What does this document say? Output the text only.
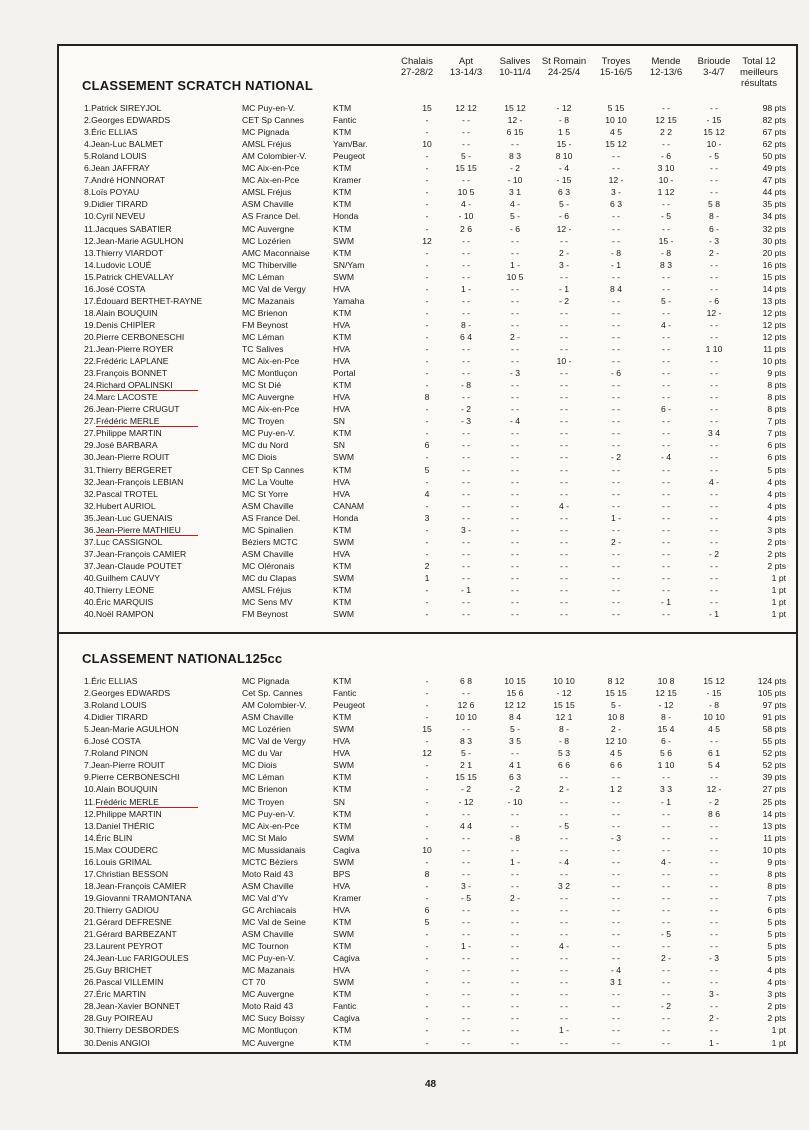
CLASSEMENT SCRATCH NATIONAL
CLASSEMENT NATIONAL125cc
Chalais
27-28/2
Apt
13-14/3
Salives
10-11/4
St Romain
24-25/4
Troyes
15-16/5
Mende
12-13/6
Brioude
3-4/7
Total 12
meilleurs
résultats
1.Patrick SIREYJOL	MC Puy-en-V.	KTM	15	12 12	15 12	- 12	5 15	- -	- -	98 pts
2.Georges EDWARDS	CET Sp Cannes	Fantic	-	- -	12 -	- 8	10 10	12 15	- 15	82 pts
3.Éric ELLIAS	MC Pignada	KTM	-	- -	6 15	1 5	4 5	2 2	15 12	67 pts
4.Jean-Luc BALMET	AMSL Fréjus	Yam/Bar.	10	- -	- -	15 -	15 12	- -	10 -	62 pts
5.Roland LOUIS	AM Colombier-V.	Peugeot	-	5 -	8 3	8 10	- -	- 6	- 5	50 pts
6.Jean JAFFRAY	MC Aix-en-Pce	KTM	-	15 15	- 2	- 4	- -	3 10	- -	49 pts
7.André HONNORAT	MC Aix-en-Pce	Kramer	-	- -	- 10	- 15	12 -	10 -	- -	47 pts
8.Loïs POYAU	AMSL Fréjus	KTM	-	10 5	3 1	6 3	3 -	1 12	- -	44 pts
9.Didier TIRARD	ASM Chaville	KTM	-	4 -	4 -	5 -	6 3	- -	5 8	35 pts
10.Cyril NEVEU	AS France Del.	Honda	-	- 10	5 -	- 6	- -	- 5	8 -	34 pts
11.Jacques SABATIER	MC Auvergne	KTM	-	2 6	- 6	12 -	- -	- -	6 -	32 pts
12.Jean-Marie AGULHON	MC Lozérien	SWM	12	- -	- -	- -	- -	15 -	- 3	30 pts
13.Thierry VIARDOT	AMC Maconnaise	KTM	-	- -	- -	2 -	- 8	- 8	2 -	20 pts
14.Ludovic LOUÉ	MC Thiberville	SN/Yam	-	- -	1 -	3 -	- 1	8 3	- -	16 pts
15.Patrick CHEVALLAY	MC Léman	SWM	-	- -	10 5	- -	- -	- -	- -	15 pts
16.José COSTA	MC Val de Vergy	HVA	-	1 -	- -	- 1	8 4	- -	- -	14 pts
17.Édouard BERTHET-RAYNE	MC Mazanais	Yamaha	-	- -	- -	- 2	- -	5 -	- 6	13 pts
18.Alain BOUQUIN	MC Brienon	KTM	-	- -	- -	- -	- -	- -	12 -	12 pts
19.Denis CHIPÏER	FM Beynost	HVA	-	8 -	- -	- -	- -	4 -	- -	12 pts
20.Pierre CERBONESCHI	MC Léman	KTM	-	6 4	2 -	- -	- -	- -	- -	12 pts
21.Jean-Pierre ROYER	TC Salives	HVA	-	- -	- -	- -	- -	- -	1 10	11 pts
22.Frédéric LAPLANE	MC Aix-en-Pce	HVA	-	- -	- -	10 -	- -	- -	- -	10 pts
23.François BONNET	MC Montluçon	Portal	-	- -	- 3	- -	- 6	- -	- -	9 pts
24.Richard OPALINSKI	MC St Dié	KTM	-	- 8	- -	- -	- -	- -	- -	8 pts
24.Marc LACOSTE	MC Auvergne	HVA	8	- -	- -	- -	- -	- -	- -	8 pts
26.Jean-Pierre CRUGUT	MC Aix-en-Pce	HVA	-	- 2	- -	- -	- -	6 -	- -	8 pts
27.Frédéric MERLE	MC Troyen	SN	-	- 3	- 4	- -	- -	- -	- -	7 pts
27.Philippe MARTIN	MC Puy-en-V.	KTM	-	- -	- -	- -	- -	- -	3 4	7 pts
29.José BARBARA	MC du Nord	SN	6	- -	- -	- -	- -	- -	- -	6 pts
30.Jean-Pierre ROUIT	MC Diois	SWM	-	- -	- -	- -	- 2	- 4	- -	6 pts
31.Thierry BERGERET	CET Sp Cannes	KTM	5	- -	- -	- -	- -	- -	- -	5 pts
32.Jean-François LEBIAN	MC La Voulte	HVA	-	- -	- -	- -	- -	- -	4 -	4 pts
32.Pascal TROTEL	MC St Yorre	HVA	4	- -	- -	- -	- -	- -	- -	4 pts
32.Hubert AURIOL	ASM Chaville	CANAM	-	- -	- -	4 -	- -	- -	- -	4 pts
35.Jean-Luc GUENAIS	AS France Del.	Honda	3	- -	- -	- -	1 -	- -	- -	4 pts
36.Jean-Pierre MATHIEU	MC Spinalien	KTM	-	3 -	- -	- -	- -	- -	- -	3 pts
37.Luc CASSIGNOL	Béziers MCTC	SWM	-	- -	- -	- -	2 -	- -	- -	2 pts
37.Jean-François CAMIER	ASM Chaville	HVA	-	- -	- -	- -	- -	- -	- 2	2 pts
37.Jean-Claude POUTET	MC Oléronais	KTM	2	- -	- -	- -	- -	- -	- -	2 pts
40.Guilhem CAUVY	MC du Clapas	SWM	1	- -	- -	- -	- -	- -	- -	1 pt
40.Thierry LEONE	AMSL Fréjus	KTM	-	- 1	- -	- -	- -	- -	- -	1 pt
40.Éric MARQUIS	MC Sens MV	KTM	-	- -	- -	- -	- -	- 1	- -	1 pt
40.Noël RAMPON	FM Beynost	SWM	-	- -	- -	- -	- -	- -	- 1	1 pt
1.Éric ELLIAS	MC Pignada	KTM	-	6 8	10 15	10 10	8 12	10 8	15 12	124 pts
2.Georges EDWARDS	Cet Sp. Cannes	Fantic	-	- -	15 6	- 12	15 15	12 15	- 15	105 pts
3.Roland LOUIS	AM Colombier-V.	Peugeot	-	12 6	12 12	15 15	5 -	- 12	- 8	97 pts
4.Didier TIRARD	ASM Chaville	KTM	-	10 10	8 4	12 1	10 8	8 -	10 10	91 pts
5.Jean-Marie AGULHON	MC Lozérien	SWM	15	- -	5 -	8 -	2 -	15 4	4 5	58 pts
6.José COSTA	MC Val de Vergy	HVA	-	8 3	3 5	- 8	12 10	6 -	- -	55 pts
7.Roland PINON	MC du Var	HVA	12	5 -	- -	5 3	4 5	5 6	6 1	52 pts
7.Jean-Pierre ROUIT	MC Diois	SWM	-	2 1	4 1	6 6	6 6	1 10	5 4	52 pts
9.Pierre CERBONESCHI	MC Léman	KTM	-	15 15	6 3	- -	- -	- -	- -	39 pts
10.Alain BOUQUIN	MC Brienon	KTM	-	- 2	- 2	2 -	1 2	3 3	12 -	27 pts
11.Frédéric MERLE	MC Troyen	SN	-	- 12	- 10	- -	- -	- 1	- 2	25 pts
12.Philippe MARTIN	MC Puy-en-V.	KTM	-	- -	- -	- -	- -	- -	8 6	14 pts
13.Daniel THÉRIC	MC Aix-en-Pce	KTM	-	4 4	- -	- 5	- -	- -	- -	13 pts
14.Éric BLIN	MC St Malo	SWM	-	- -	- 8	- -	- 3	- -	- -	11 pts
15.Max COUDERC	MC Mussidanais	Cagiva	10	- -	- -	- -	- -	- -	- -	10 pts
16.Louis GRIMAL	MCTC Béziers	SWM	-	- -	1 -	- 4	- -	4 -	- -	9 pts
17.Christian BESSON	Moto Raid 43	BPS	8	- -	- -	- -	- -	- -	- -	8 pts
18.Jean-François CAMIER	ASM Chaville	HVA	-	3 -	- -	3 2	- -	- -	- -	8 pts
19.Giovanni TRAMONTANA	MC Val d'Yv	Kramer	-	- 5	2 -	- -	- -	- -	- -	7 pts
20.Thierry GADIOU	GC Archiacais	HVA	6	- -	- -	- -	- -	- -	- -	6 pts
21.Gérard DEFRESNE	MC Val de Seine	KTM	5	- -	- -	- -	- -	- -	- -	5 pts
21.Gérard BARBEZANT	ASM Chaville	SWM	-	- -	- -	- -	- -	- 5	- -	5 pts
23.Laurent PEYROT	MC Tournon	KTM	-	1 -	- -	4 -	- -	- -	- -	5 pts
24.Jean-Luc FARIGOULES	MC Puy-en-V.	Cagiva	-	- -	- -	- -	- -	2 -	- 3	5 pts
25.Guy BRICHET	MC Mazanais	HVA	-	- -	- -	- -	- 4	- -	- -	4 pts
26.Pascal VILLEMIN	CT 70	SWM	-	- -	- -	- -	3 1	- -	- -	4 pts
27.Éric MARTIN	MC Auvergne	KTM	-	- -	- -	- -	- -	- -	3 -	3 pts
28.Jean-Xavier BONNET	Moto Raid 43	Fantic	-	- -	- -	- -	- -	- 2	- -	2 pts
28.Guy POIREAU	MC Sucy Boissy	Cagiva	-	- -	- -	- -	- -	- -	2 -	2 pts
30.Thierry DESBORDES	MC Montluçon	KTM	-	- -	- -	1 -	- -	- -	- -	1 pt
30.Denis ANGIOI	MC Auvergne	KTM	-	- -	- -	- -	- -	- -	1 -	1 pt
48
